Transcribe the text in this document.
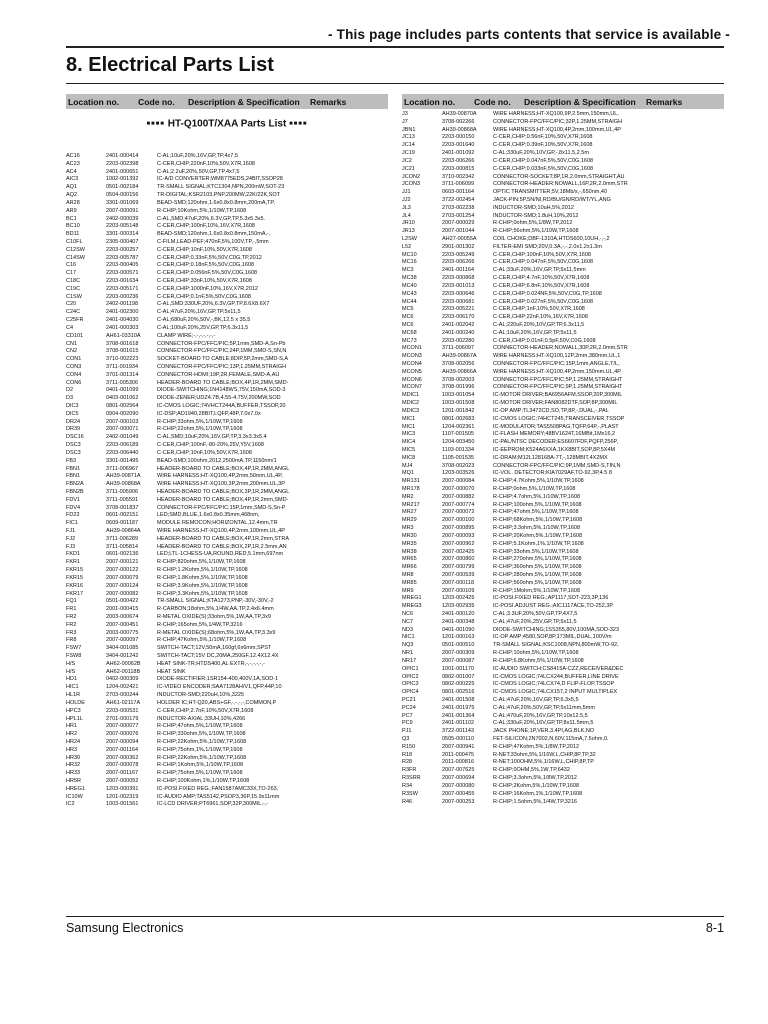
- This page includes parts contents that service is available -
8. Electrical Parts List
Location no.	Code no.	Description & Specification	Remarks
■■■■ HT-Q100T/XAA Parts List ■■■■
AC16	2401-000414	C-AL;10uF,20%,16V,GP,TP,4x7,5
AC23	2203-002398	C-CER,CHIP;220nF,10%,50V,X7R,1608
AC4	2401-000651	C-AL;2.2uF,20%,50V,GP,TP,4x7,5
AIC3	1002-001392	IC-A/D CONVERTER;WM8775EDS,24BIT,SSOP28
AQ1	0501-002184	TR-SMALL SIGNAL;KTC1304,NPN,200mW,SOT-23
AQ2	0504-000156	TR-DIGITAL;KSR2103,PNP,200MW,22K/22K,SOT
AR28	3301-001069	BEAD-SMD;120ohm,1.6x0.8x0.8mm,200mA,TP,
AR9	2007-000091	R-CHIP;10Kohm,5%,1/10W,TP,1608
BC1	2402-000039	C-AL,SMD;47uF,20%,6.3V,GP,TP,5.3x5.3x5.
BC10	2203-005148	C-CER,CHIP;100nF,10%,16V,X7R,1608
BD11	3301-000314	BEAD-SMD;120ohm,1.6x0.8x0.8mm,150mA,-,
C10FL	2305-000407	C-FILM,LEAD-PEF;470nF,5%,100V,TP,-,5mm
C12SW	2203-000257	C-CER,CHIP;10nF,10%,50V,X7R,1608
C14SW	2203-005787	C-CER,CHIP;0.33nF,5%,50V,C0G,TP,2012
C16	2203-000405	C-CER,CHIP;0.18nF,5%,50V,C0G,1608
C17	2203-000571	C-CER,CHIP;0.056nF,5%,50V,C0G,1608
C18C	2203-001634	C-CER,CHIP;33nF,10%,50V,X7R,1608
C19C	2203-005171	C-CER,CHIP;1000nF,10%,16V,X7R,2012
C1SW	2203-000236	C-CER,CHIP;0.1nF,5%,50V,C0G,1608
C20	2402-001198	C-AL,SMD;330UF,20%,6.3V,GP,TP,8.6X8.6X7
C24C	2401-002300	C-AL;47uF,20%,16V,GP,TP,5x11,5
C25FR	2401-004030	C-AL;680uF,20%,50V,-,BK,12.5 x 35,5
C4	2401-000303	C-AL;100uF,20%,25V,GP,TP,6.3x11,5
CD101	AH61-03310A	CLAMP WIRE;-,-,-,-,-,-,-
CN1	3708-001618	CONNECTOR-FPC/FFC/PIC;5P,1mm,SMD-A,Sn-Pb
CN2	3708-001615	CONNECTOR-FPC/FFC/PIC;24P,1MM,SMD-S,SN,N
CON1	3710-002223	SOCKET-BOARD TO CABLE;8DIP,5P,2mm,SMD-S,A
CON3	3711-001934	CONNECTOR-FPC/FFC/PIC;13P,1.25MM,STRAIGH
CON4	3701-001314	CONNECTOR-HDMI;19P,2R,FEMALE,SMD-A,AU
CON6	3711-005306	HEADER-BOARD TO CABLE;BOX,4P,1R,2MM,SMD-
D2	0401-001099	DIODE-SWITCHING;1N4148WS,75V,150mA,SOD-3
D3	0403-001062	DIODE-ZENER;UDZ4.7B,4.55-4.75V,200MW,SOD
DIC3	0801-002564	IC-CMOS LOGIC;74VHCT244A,BUFFER,TSSOP,20
DIC5	0904-002090	IC-DSP;AD1940,28BIT,LQFP,48P,7.0x7.0x
DR24	2007-000103	R-CHIP;33ohm,5%,1/10W,TP,1608
DR39	2007-000071	R-CHIP;22ohm,5%,1/10W,TP,1608
DSC16	2402-001049	C-AL,SMD;10uF,20%,16V,GP,TP,3.3x3.3x5.4
DSC3	2203-006189	C-CER,CHIP;100nF,-80-20%,25V,Y5V,1608
DSC3	2203-006440	C-CER,CHIP;10nF,10%,50V,X7R,1608
FB3	3301-001495	BEAD-SMD;100ohm,2012,2500mA,TP,1150nm/1
FBN1	3711-006967	HEADER-BOARD TO CABLE;BOX,4P,1R,2MM,ANGL
FBN1	AH39-00871A	WIRE HARNESS;HT-XQ100,4P,2mm,50mm,UL,4P,
FBN2A	AH39-00868A	WIRE HARNESS;HT-XQ100,3P,2mm,200mm,UL,3P
FBN2B	3711-005906	HEADER-BOARD TO CABLE;BOX,3P,1R,2MM,ANGL
FDV1	3711-005591	HEADER-BOARD TO CABLE;BOX,4P,1R,2mm,SMD-
FDV4	3708-001837	CONNECTOR-FPC/FFC/PIC;15P,1mm,SMD-S,Sn-P
FD23	0601-002151	LED;SMD,BLUE,1.6x0.8x0.35mm,468nm,
FIC1	0609-001187	MODULE REMOCON;HORIZONTAL,12.4mm,TR
FJ1	AH39-00864A	WIRE HARNESS;HT-XQ100,4P,2mm,100mm,UL,4P
FJ2	3711-006289	HEADER-BOARD TO CABLE;BOX,4P,1R,2mm,STRA
FJ3	3711-005814	HEADER-BOARD TO CABLE;BOX,2P,1R,2.5mm,AN
FKD1	0601-002136	LED;LTL-1CHESS-UA,ROUND,RED,5.1mm,697nm
FKR1	2007-000121	R-CHIP;820ohm,5%,1/10W,TP,1608
FKR15	2007-000122	R-CHIP;1.2Kohm,5%,1/10W,TP,1608
FKR15	2007-000079	R-CHIP;1.8Kohm,5%,1/10W,TP,1608
FKR16	2007-000124	R-CHIP;3.9Kohm,5%,1/10W,TP,1608
FKR17	2007-000082	R-CHIP;3.3Kohm,5%,1/10W,TP,1608
FQ1	0501-000422	TR-SMALL SIGNAL;KTA1273,PNP,-30V,-30V,-2
FR1	2001-000415	R-CARBON;18ohm,5%,1/4W,AA,TP,2.4x6.4mm
FR2	2003-000674	R-METAL OXIDE(S);33ohm,5%,1W,AA,TP,3x9
FR2	2007-000451	R-CHIP;165ohm,5%,1/4W,TP,3216
FR3	2003-000775	R-METAL OXIDE(S);68ohm,5%,1W,AA,TP,3.3x9
FR8	2007-000097	R-CHIP;47Kohm,5%,1/10W,TP,1608
FSW7	3404-001085	SWITCH-TACT;12V,50mA,160gf,6x6mm,SPST
FSW8	3404-001242	SWITCH-TACT;15V DC,20MA,250GF,12.4X12.4X
H/S	AH62-00062B	HEAT SINK-TR;HTDS400,AL EXTR,-,-,-,-,-,-
H/S	AH62-00118B	HEAT SINK
HD1	0402-000309	DIODE-RECTIFIER;1SR154-400,400V,1A,SOD-1
HIC1	1204-002421	IC-VIDEO ENCODER;SAA7128AH/V1,QFP,44P,10
HL1R	2703-000244	INDUCTOR-SMD;220uH,10%,3225
HOLDE	AH61-02117A	HOLDER IC;HT-Q20,ABS+GF,-,-,-,-,COMMON,P
HPC3	2203-000531	C-CER,CHIP;2.7nF,10%,50V,X7R,1608
HPL1L	2701-000179	INDUCTOR-AXIAL;33UH,10%,4266
HR1	2007-000077	R-CHIP;47ohm,5%,1/10W,TP,1608
HR2	2007-000076	R-CHIP;330ohm,5%,1/10W,TP,1608
HR24	2007-000094	R-CHIP;22Kohm,5%,1/10W,TP,1608
HR3	2007-001164	R-CHIP;75ohm,1%,1/10W,TP,1608
HR30	2007-000362	R-CHIP;22Kohm,5%,1/10W,TP,1608
HR32	2007-000078	R-CHIP;1Kohm,5%,1/10W,TP,1608
HR33	2007-001167	R-CHIP;75ohm,5%,1/10W,TP,1608
HR5R	2007-000052	R-CHIP;100Kohm,1%,1/10W,TP,1608
HREG1	1203-000391	IC-POSI.FIXED REG.;FAN1587AMC33X,TO-263,
IC10W	1201-002319	IC-AUDIO AMP;TAS5142,PSOP3,36P,15.9x11mm
IC2	1003-001561	IC-LCD DRIVER;PT6961,SOP,32P,300MIL,-,-
Location no.	Code no.	Description & Specification	Remarks
J3	AH39-00870A	WIRE HARNESS;HT-XQ100,9P,2.5mm,150mm,UL,
J7	3708-002266	CONNECTOR-FPC/FFC/PIC;32P,1.25MM,STRAIGH
JBN1	AH39-00868A	WIRE HARNESS;HT-XQ100,4P,2mm,100mm,UL,4P
JC13	2203-000150	C-CER,CHIP;0.56nF,10%,50V,X7R,1608
JC14	2203-001640	C-CER,CHIP;0.39nF,10%,50V,X7R,1608
JC19	2401-001092	C-AL;330uF,20%,10V,GP,-,8x11.5,2.5m
JC2	2203-006266	C-CER,CHIP;0.047nF,5%,50V,C0G,1608
JC21	2203-000815	C-CER,CHIP;0.033nF,5%,50V,C0G,1608
JCON2	3710-002342	CONNECTOR-SOCKET;8P,1R,2.0mm,STRAIGHT,AU
JCON3	3711-006099	CONNECTOR-HEADER;NOWALL,16P,2R,2.0mm,STR
JJ1	0603-001164	OPTIC TRANSMITTER;5V,18Mb/s,-,650nm,40
JJ2	3722-002454	JACK-PIN;5P,5N/NI,RD/BU/GN/RD/WT/YL,ANG
JL3	2703-002238	INDUCTOR-SMD;10uH,5%,2012
JL4	2703-001254	INDUCTOR-SMD;1.8uH,10%,2012
JR10	2007-000029	R-CHIP;0ohm,5%,1/8W,TP,2012
JR13	2007-001044	R-CHIP;56ohm,5%,1/10W,TP,1608
L2SW	AH27-00055A	COIL CHOKE;DBF-1310A,HTDS600,10UH,-,-,2
L52	2901-001302	FILTER-EMI SMD;20V,0.3A,-,-,2.0x1.2x1.3m
MC10	2203-005249	C-CER,CHIP;100nF,10%,50V,X7R,1608
MC16	2203-006266	C-CER,CHIP;0.047nF,5%,50V,C0G,1608
MC3	2401-001164	C-AL;33uF,20%,16V,GP,TP,5x11,5mm
MC38	2203-000868	C-CER,CHIP;4.7nF,10%,50V,X7R,1608
MC40	2203-001013	C-CER,CHIP;6.8nF,10%,50V,X7R,1608
MC43	2203-000646	C-CER,CHIP;0.024NF,5%,50V,C0G,TP,1608
MC44	2203-000681	C-CER,CHIP;0.027nF,5%,50V,C0G,1608
MC5	2203-005221	C-CER,CHIP;1nF,10%,50V,X7R,1608
MC6	2203-006170	C-CER,CHIP;22nF,10%,16V,X7R,1608
MC6	2401-002042	C-AL;220uF,20%,10V,GP,TP,6.3x11,5
MC68	2401-000240	C-AL;10uF,20%,16V,GP,TP,5x11,5
MC73	2203-002280	C-CER,CHIP;0.01nF,0.5pF,50V,C0G,1608
MCON1	3711-006097	CONNECTOR-HEADER;NOWALL,30P,2R,2.0mm,STR
MCON3	AH39-00867A	WIRE HARNESS;HT-XQ100,12P,2mm,380mm,UL,1
MCON4	3708-002056	CONNECTOR-FPC/FFC/PIC;15P,1mm,ANGLE,T/L,
MCON5	AH39-00866A	WIRE HARNESS;HT-XQ100,4P,2mm,150mm,UL,4P
MCON6	3708-002003	CONNECTOR-FPC/FFC/PIC;5P,1.25MM,STRAIGHT
MCON7	3708-001996	CONNECTOR-FPC/FFC/PIC;9P,1.25MM,STRAIGHT
MDIC1	1003-001054	IC-MOTOR DRIVER;BA6956AFM,SSOP,20P,300MIL
MDIC2	1003-001508	IC-MOTOR DRIVER;FAN8082DTF,SOP,8P,300MIL
MDIC3	1201-001842	IC-OP AMP;TL3472CD,SO,TP,8P,-,DUAL,-,PAL
MIC1	0801-002683	IC-CMOS LOGIC;74HCT245,TRANSCEIVER,TSSOP
MIC1	1204-002361	IC-MODULATOR;TAS5508PAG,TQFP,64P,-,PLAST
MIC3	1107-001505	IC-FLASH MEMORY;48BV1624T,16MBit,1Mx16,2
MIC4	1204-003450	IC-PAL/NTSC DECODER;ES6607FDF,PQFP,256P,
MIC5	1103-001334	IC-EEPROM;K524A6XXA,1KX8BIT,SOP,8P,5X4M
MIC8	1105-001535	IC-DRAM;M12L128168A-7T,-,128MBIT,4X2MX
MJ4	3708-002023	CONNECTOR-FPC/FFC/PIC;9P,1MM,SMD-S,TIN,N
MQ1	1203-003526	IC-VOL. DETECTOR;KIA7029AF,TO-92,3P,4.5 8
MR131	2007-000084	R-CHIP;4.7Kohm,5%,1/10W,TP,1608
MR178	2007-000070	R-CHIP;0ohm,5%,1/10W,TP,1608
MR2	2007-000882	R-CHIP;4.7ohm,5%,1/10W,TP,1608
MR217	2007-000774	R-CHIP;100ohm,5%,1/10W,TP,1608
MR27	2007-000072	R-CHIP;47ohm,5%,1/10W,TP,1608
MR29	2007-000100	R-CHIP;68Kohm,5%,1/10W,TP,1608
MR3	2007-000895	R-CHIP;3.3ohm,5%,1/10W,TP,1608
MR30	2007-000093	R-CHIP;20Kohm,5%,1/10W,TP,1608
MR35	2007-000962	R-CHIP;5.1Kohm,1%,1/10W,TP,1608
MR38	2007-002425	R-CHIP;33ohm,5%,1/10W,TP,1608
MR65	2007-000860	R-CHIP;270ohm,5%,1/10W,TP,1608
MR66	2007-000799	R-CHIP;360ohm,5%,1/10W,TP,1608
MR8	2007-000539	R-CHIP;280ohm,5%,1/10W,TP,1608
MR85	2007-000118	R-CHIP;560ohm,5%,1/10W,TP,1608
MR9	2007-000109	R-CHIP;1Mohm,5%,1/10W,TP,1608
MREG1	1203-002425	IC-POSI.FIXED REG.;AP1117,SOT-223,3P,136
MREG3	1203-002935	IC-POSI.ADJUST REG.;AIC1117ACE,TO-252,3P
NC6	2401-000120	C-AL;3.3UF,20%,50V,GP,TP,4X7,5
NC7	2401-000348	C-AL;47uF,20%,25V,GP,TP,5x11,5
ND3	0401-001090	DIODE-SWITCHING;1SS355,80V,100MA,SOD-323
NIC1	1201-000163	IC-OP AMP;4580,SOP,8P,173MIL,DUAL,100V/m
NQ3	0501-000510	TR-SMALL SIGNAL;KSC1008,NPN,800mW,TO-92,
NR1	2007-000309	R-CHIP;10ohm,5%,1/10W,TP,1608
NR17	2007-000087	R-CHIP;6.8Kohm,5%,1/10W,TP,1608
OPIC1	1001-001170	IC-AUDIO SWITCH;CS8415A-CZZ,RECEIVER&DEC
OPIC2	0802-001007	IC-CMOS LOGIC;74LCX244,BUFFER,LINE DRIVE
OPIC3	0802-000225	IC-CMOS LOGIC;74LCX74,D FLIP-FLOP,TSSOP
OPIC4	0801-002516	IC-CMOS LOGIC;74LCX157,2 INPUT MULTIPLEX
PC21	2401-001508	C-AL;47uF,20%,16V,GP,TP,6.3x5,5
PC24	2401-001975	C-AL;47uF,20%,50V,GP,TP,5x11mm,5mm
PC7	2401-001364	C-AL;470uF,20%,16V,GP,TP,10x12.5,5
PC9	2401-001102	C-AL;330uF,20%,16V,GP,TP,8x11.5mm,5
PJ1	3722-001143	JACK PHONE;1P,VER,3.4PI,AG,BLK,NO
Q3	0505-000110	FET-SILICON;2N7002,N,60V,115mA,7.5ohm,0.
R150	2007-000941	R-CHIP;47Kohm,5%,1/8W,TP,2012
R18	2011-000475	R-NET;33ohm,5%,1/16W,L,CHIP,8P,TP,32
R28	2011-000816	R-NET;100OHM,5%,1/16W,L,CHIP,8P,TP
R3FR	2007-007625	R-CHIP;0OHM,5%,1W,TP,6432
R3SRR	2007-000694	R-CHIP;3.3ohm,5%,1/8W,TP,2012
R34	2007-000080	R-CHIP;2Kohm,5%,1/10W,TP,1608
R3SW	2007-000455	R-CHIP;16Kohm,1%,1/10W,TP,1608
R46	2007-000253	R-CHIP;1.5ohm,5%,1/4W,TP,3216
Samsung Electronics	8-1
